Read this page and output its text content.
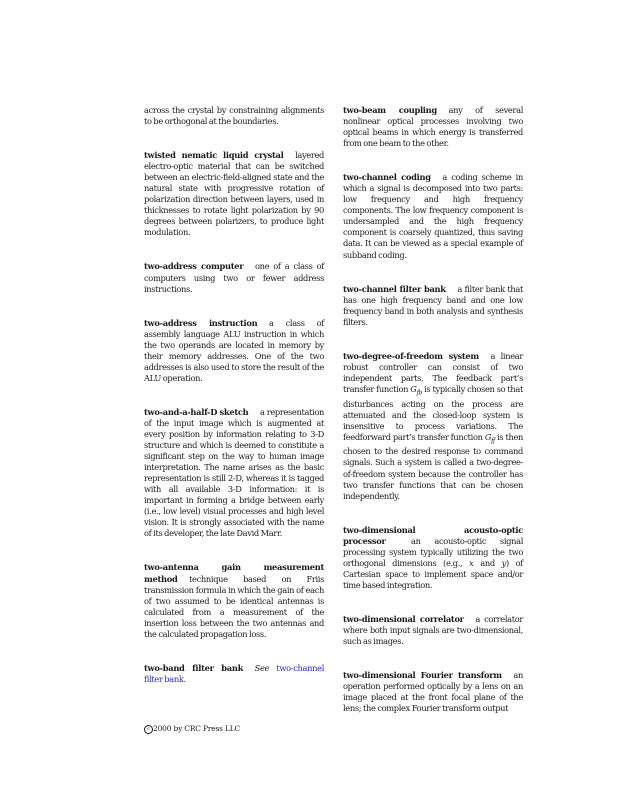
across the crystal by constraining alignments to be orthogonal at the boundaries.

twisted nematic liquid crystal layered electro-optic material that can be switched between an electric-field-aligned state and the natural state with progressive rotation of polarization direction between layers, used in thicknesses to rotate light polarization by 90 degrees between polarizers, to produce light modulation.

two-address computer one of a class of computers using two or fewer address instructions.

two-address instruction a class of assembly language ALU instruction in which the two operands are located in memory by their memory addresses. One of the two addresses is also used to store the result of the ALU operation.

two-and-a-half-D sketch a representation of the input image which is augmented at every position by information relating to 3-D structure and which is deemed to constitute a significant step on the way to human image interpretation. The name arises as the basic representation is still 2-D, whereas it is tagged with all available 3-D information: it is important in forming a bridge between early (i.e., low level) visual processes and high level vision. It is strongly associated with the name of its developer, the late David Marr.

two-antenna gain measurement method technique based on Friis transmission formula in which the gain of each of two assumed to be identical antennas is calculated from a measurement of the insertion loss between the two antennas and the calculated propagation loss.

two-band filter bank See two-channel filter bank.

two-beam coupling any of several nonlinear optical processes involving two optical beams in which energy is transferred from one beam to the other.

two-channel coding a coding scheme in which a signal is decomposed into two parts: low frequency and high frequency components. The low frequency component is undersampled and the high frequency component is coarsely quantized, thus saving data. It can be viewed as a special example of subband coding.

two-channel filter bank a filter bank that has one high frequency band and one low frequency band in both analysis and synthesis filters.

two-degree-of-freedom system a linear robust controller can consist of two independent parts. The feedback part’s transfer function $G_{fb}$ is typically chosen so that disturbances acting on the process are attenuated and the closed-loop system is insensitive to process variations. The feedforward part’s transfer function $G_{ff}$ is then chosen to the desired response to command signals. Such a system is called a two-degree-of-freedom system because the controller has two transfer functions that can be chosen independently.

two-dimensional acousto-optic processor	an acousto-optic signal processing system typically utilizing the two orthogonal dimensions (e.g., x and y) of Cartesian space to implement space and/or time based integration.

two-dimensional correlator a correlator where both input signals are two-dimensional, such as images.

two-dimensional Fourier transform an operation performed optically by a lens on an image placed at the front focal plane of the lens; the complex Fourier transform output

c 2000 by CRC Press LLC
